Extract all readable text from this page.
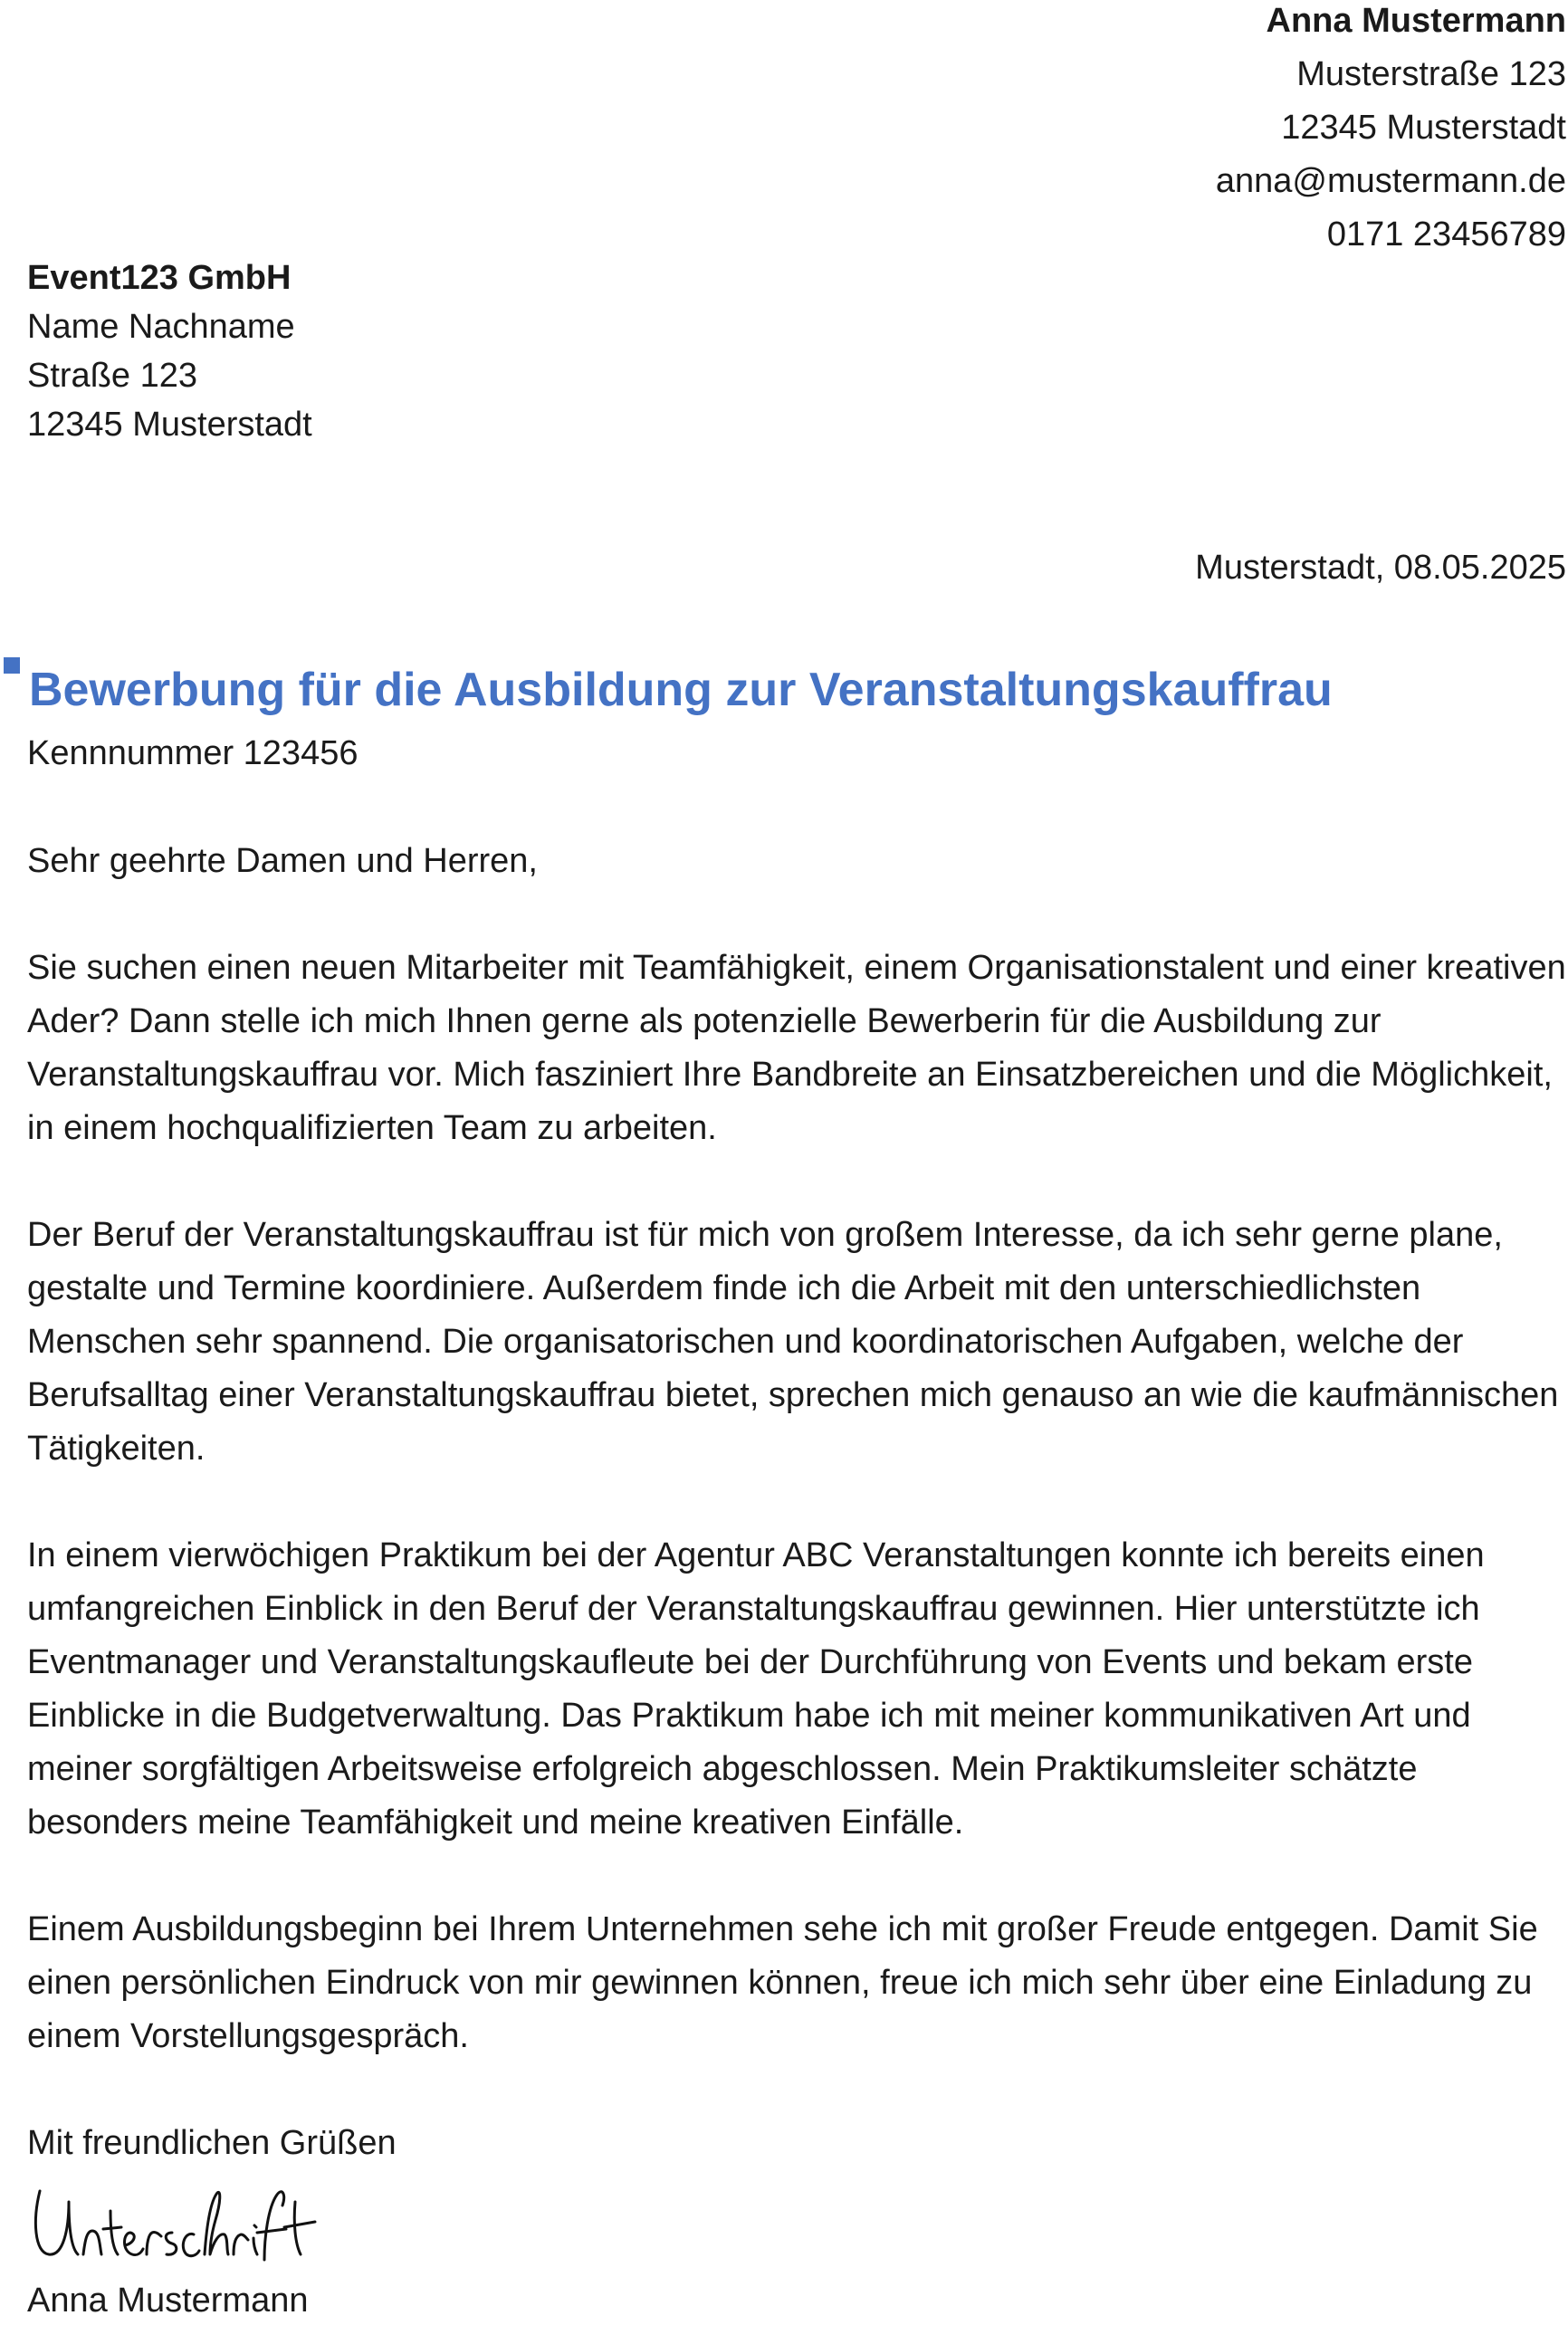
Anna Mustermann
Musterstraße 123
12345 Musterstadt
anna@mustermann.de
0171 23456789
Event123 GmbH
Name Nachname
Straße 123
12345 Musterstadt
Musterstadt, 08.05.2025
Bewerbung für die Ausbildung zur Veranstaltungskauffrau
Kennnummer 123456

Sehr geehrte Damen und Herren,

Sie suchen einen neuen Mitarbeiter mit Teamfähigkeit, einem Organisationstalent und einer kreativen Ader? Dann stelle ich mich Ihnen gerne als potenzielle Bewerberin für die Ausbildung zur Veranstaltungskauffrau vor. Mich fasziniert Ihre Bandbreite an Einsatzbereichen und die Möglichkeit, in einem hochqualifizierten Team zu arbeiten.

Der Beruf der Veranstaltungskauffrau ist für mich von großem Interesse, da ich sehr gerne plane, gestalte und Termine koordiniere. Außerdem finde ich die Arbeit mit den unterschiedlichsten Menschen sehr spannend. Die organisatorischen und koordinatorischen Aufgaben, welche der Berufsalltag einer Veranstaltungskauffrau bietet, sprechen mich genauso an wie die kaufmännischen Tätigkeiten.

In einem vierwöchigen Praktikum bei der Agentur ABC Veranstaltungen konnte ich bereits einen umfangreichen Einblick in den Beruf der Veranstaltungskauffrau gewinnen. Hier unterstützte ich Eventmanager und Veranstaltungskaufleute bei der Durchführung von Events und bekam erste Einblicke in die Budgetverwaltung. Das Praktikum habe ich mit meiner kommunikativen Art und meiner sorgfältigen Arbeitsweise erfolgreich abgeschlossen. Mein Praktikumsleiter schätzte besonders meine Teamfähigkeit und meine kreativen Einfälle.

Einem Ausbildungsbeginn bei Ihrem Unternehmen sehe ich mit großer Freude entgegen. Damit Sie einen persönlichen Eindruck von mir gewinnen können, freue ich mich sehr über eine Einladung zu einem Vorstellungsgespräch.

Mit freundlichen Grüßen

Anna Mustermann
